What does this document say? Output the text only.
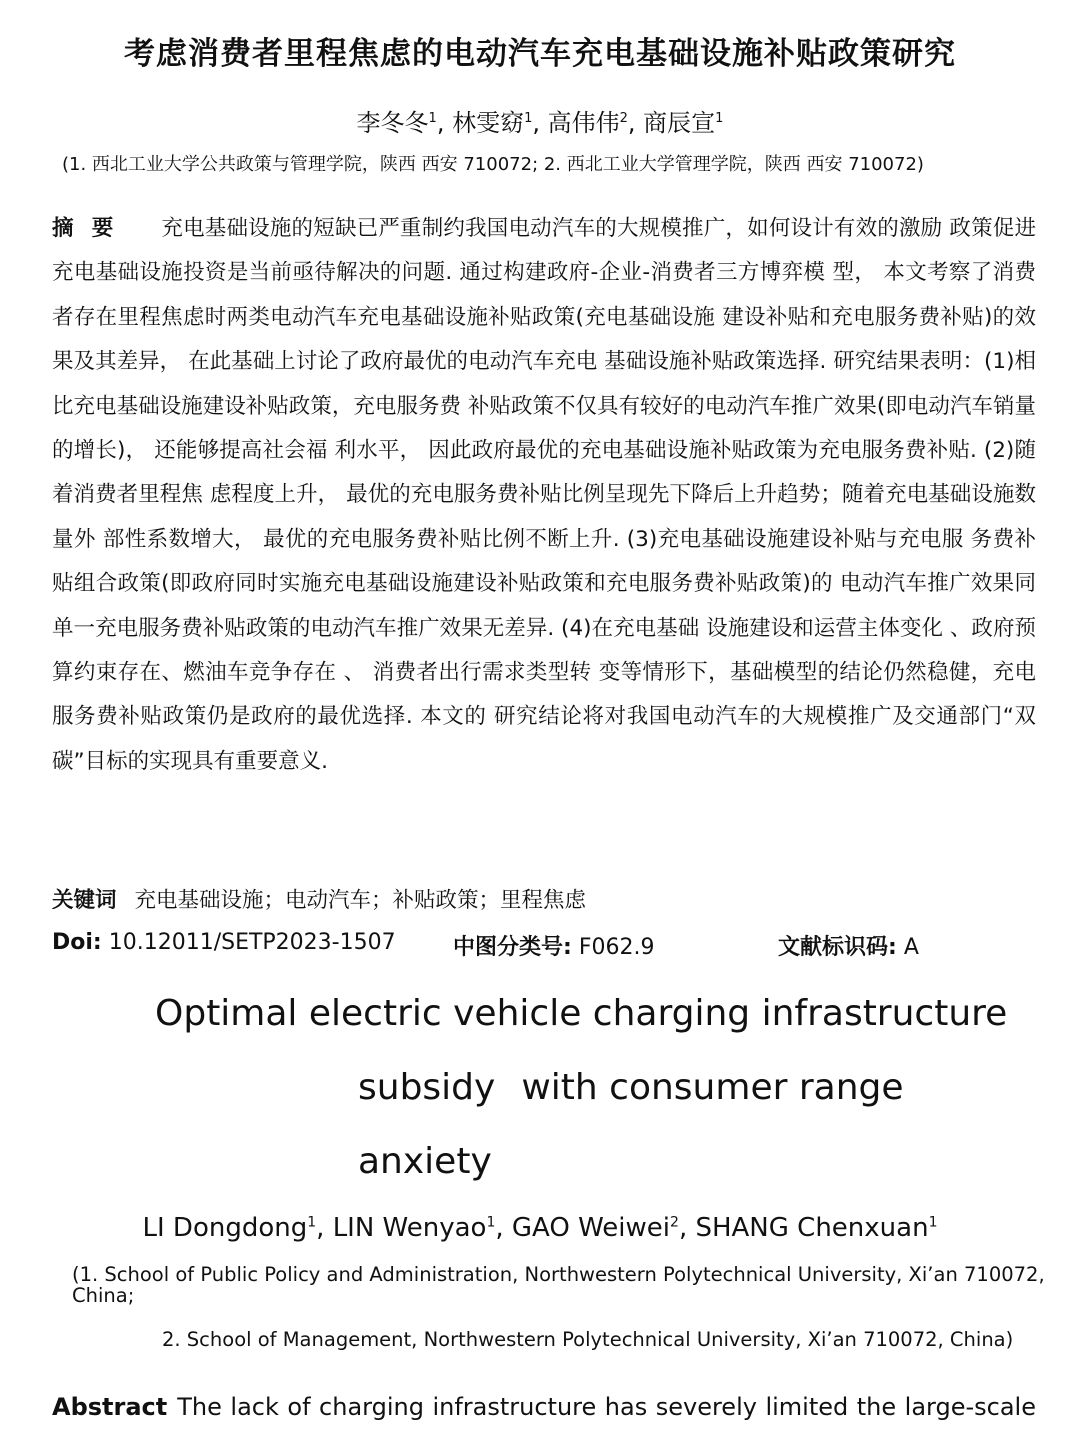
考虑消费者里程焦虑的电动汽车充电基础设施补贴政策研究
李冬冬$^1$, 林雯窈$^1$, 高伟伟$^2$, 商辰宣$^1$
(1. 西北工业大学公共政策与管理学院，陕西 西安 710072; 2. 西北工业大学管理学院，陕西 西安 710072)
摘要 充电基础设施的短缺已严重制约我国电动汽车的大规模推广，如何设计有效的激励 政策促进充电基础设施投资是当前亟待解决的问题. 通过构建政府-企业-消费者三方博弈模 型， 本文考察了消费者存在里程焦虑时两类电动汽车充电基础设施补贴政策(充电基础设施 建设补贴和充电服务费补贴)的效果及其差异， 在此基础上讨论了政府最优的电动汽车充电 基础设施补贴政策选择. 研究结果表明：(1)相比充电基础设施建设补贴政策，充电服务费 补贴政策不仅具有较好的电动汽车推广效果(即电动汽车销量的增长)， 还能够提高社会福 利水平， 因此政府最优的充电基础设施补贴政策为充电服务费补贴. (2)随着消费者里程焦 虑程度上升， 最优的充电服务费补贴比例呈现先下降后上升趋势；随着充电基础设施数量外 部性系数增大， 最优的充电服务费补贴比例不断上升. (3)充电基础设施建设补贴与充电服 务费补贴组合政策(即政府同时实施充电基础设施建设补贴政策和充电服务费补贴政策)的 电动汽车推广效果同单一充电服务费补贴政策的电动汽车推广效果无差异. (4)在充电基础 设施建设和运营主体变化 、政府预算约束存在、燃油车竞争存在 、 消费者出行需求类型转 变等情形下，基础模型的结论仍然稳健，充电服务费补贴政策仍是政府的最优选择. 本文的 研究结论将对我国电动汽车的大规模推广及交通部门“双碳”目标的实现具有重要意义.
关键词 充电基础设施；电动汽车；补贴政策；里程焦虑
Doi: 10.12011/SETP2023-1507	中图分类号: F062.9	文献标识码: A
Optimal electric vehicle charging infrastructure
subsidy with consumer range
anxiety
LI Dongdong$^1$, LIN Wenyao$^1$, GAO Weiwei$^2$, SHANG Chenxuan$^1$
(1. School of Public Policy and Administration, Northwestern Polytechnical University, Xi’an 710072, China;
2. School of Management, Northwestern Polytechnical University, Xi’an 710072, China)
Abstract The lack of charging infrastructure has severely limited the large-scale
